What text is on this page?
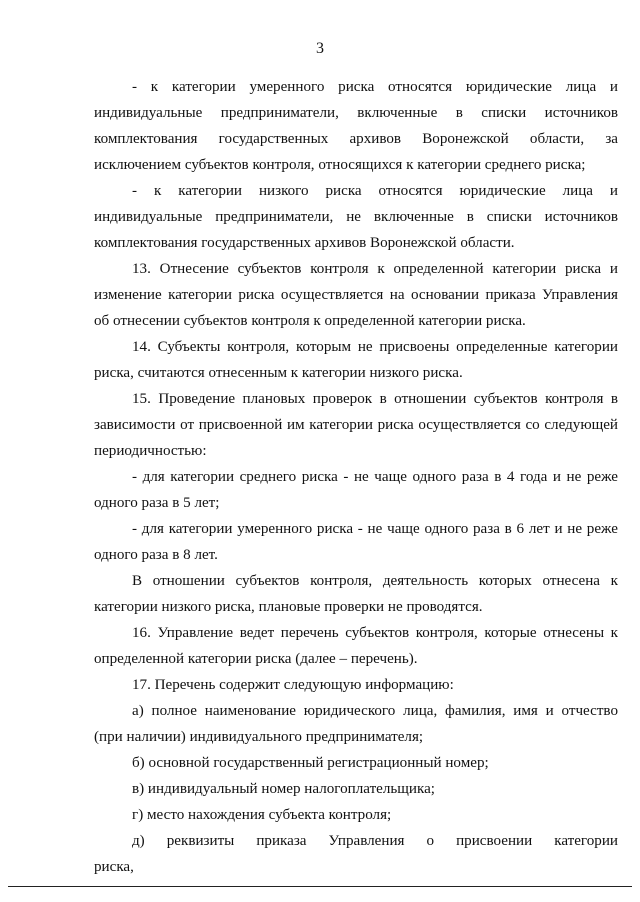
3

- к категории умеренного риска относятся юридические лица и индивидуальные предприниматели, включенные в списки источников комплектования государственных архивов Воронежской области, за исключением субъектов контроля, относящихся к категории среднего риска;

- к категории низкого риска относятся юридические лица и индивидуальные предприниматели, не включенные в списки источников комплектования государственных архивов Воронежской области.

13. Отнесение субъектов контроля к определенной категории риска и изменение категории риска осуществляется на основании приказа Управления об отнесении субъектов контроля к определенной категории риска.

14. Субъекты контроля, которым не присвоены определенные категории риска, считаются отнесенным к категории низкого риска.

15. Проведение плановых проверок в отношении субъектов контроля в зависимости от присвоенной им категории риска осуществляется со следующей периодичностью:

- для категории среднего риска - не чаще одного раза в 4 года и не реже одного раза в 5 лет;

- для категории умеренного риска - не чаще одного раза в 6 лет и не реже одного раза в 8 лет.

В отношении субъектов контроля, деятельность которых отнесена к категории низкого риска, плановые проверки не проводятся.

16. Управление ведет перечень субъектов контроля, которые отнесены к определенной категории риска (далее – перечень).

17. Перечень содержит следующую информацию:

а) полное наименование юридического лица, фамилия, имя и отчество (при наличии) индивидуального предпринимателя;

б) основной государственный регистрационный номер;

в) индивидуальный номер налогоплательщика;

г) место нахождения субъекта контроля;

д) реквизиты приказа Управления о присвоении категории риска,
